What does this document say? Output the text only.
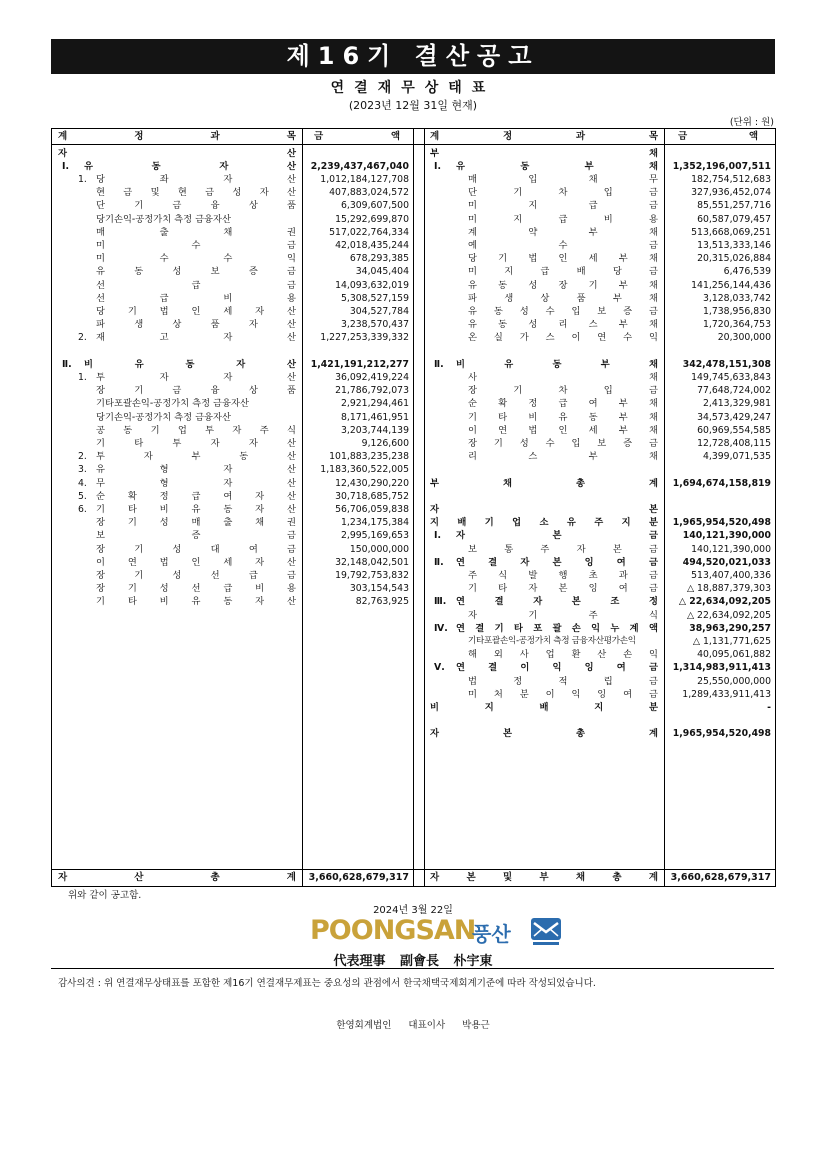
제16기 결산공고
연결재무상태표
(2023년 12월 31일 현재)
(단위 : 원)
계	정	과	목 금	액	계	정	과	목 금	액
자	산
Ⅰ. 유	동	자	산	2,239,437,467,040
1. 당	좌	자	산	1,012,184,127,708
현 금 및 현 금 성 자 산	407,883,024,572
단	기	금	융	상	품	6,309,607,500
당기손익-공정가치 측정 금융자산	15,292,699,870
매	출	채	권	517,022,764,334
미	수	금	42,018,435,244
미	수	수	익	678,293,385
유	동	성	보	증	금	34,045,404
선	급	금	14,093,632,019
선	급	비	용	5,308,527,159
당 기 법 인 세 자 산	304,527,784
파	생	상	품	자	산	3,238,570,437
2. 재	고	자	산	1,227,253,339,332
Ⅱ. 비	유	동	자	산	1,421,191,212,277
1. 투	자	자	산	36,092,419,224
장	기	금	융	상	품	21,786,792,073
기타포괄손익-공정가치 측정 금융자산	2,921,294,461
당기손익-공정가치 측정 금융자산	8,171,461,951
공 동 기 업 투 자 주 식	3,203,744,139
기	타	투	자	자	산	9,126,600
2. 투	자	부	동	산	101,883,235,238
3. 유	형	자	산	1,183,360,522,005
4. 무	형	자	산	12,430,290,220
5. 순 확 정 급 여 자 산	30,718,685,752
6. 기 타 비 유 동 자 산	56,706,059,838
장 기 성 매 출 채 권	1,234,175,384
보	증	금	2,995,169,653
장	기	성	대	여	금	150,000,000
이 연 법 인 세 자 산	32,148,042,501
장	기	성	선	급	금	19,792,753,832
장 기 성 선 급 비 용	303,154,543
기 타 비 유 동 자 산	82,763,925
부	채
Ⅰ. 유	동	부	채	1,352,196,007,511
매	입	채	무	182,754,512,683
단	기	차	입	금	327,936,452,074
미	지	급	금	85,551,257,716
미	지	급	비	용	60,587,079,457
계	약	부	채	513,668,069,251
예	수	금	13,513,333,146
당 기 법 인 세 부 채	20,315,026,884
미	지	급	배	당	금	6,476,539
유 동 성 장 기 부 채	141,256,144,436
파	생	상	품	부	채	3,128,033,742
유 동 성 수 입 보 증 금	1,738,956,830
유 동 성 리 스 부 채	1,720,364,753
온 실 가 스 이 연 수 익	20,300,000
Ⅱ. 비	유	동	부	채	342,478,151,308
사	채	149,745,633,843
장	기	차	입	금	77,648,724,002
순 확 정 급 여 부 채	2,413,329,981
기 타 비 유 동 부 채	34,573,429,247
이 연 법 인 세 부 채	60,969,554,585
장 기 성 수 입 보 증 금	12,728,408,115
리	스	부	채	4,399,071,535
부	채	총	계	1,694,674,158,819
자	본
지 배 기 업 소 유 주 지 분	1,965,954,520,498
Ⅰ. 자	본	금	140,121,390,000
보	통	주	자	본	금	140,121,390,000
Ⅱ. 연 결 자 본 잉 여 금	494,520,021,033
주 식 발 행 초 과 금	513,407,400,336
기 타 자 본 잉 여 금	△ 18,887,379,303
Ⅲ. 연	결	자	본	조	정	△ 22,634,092,205
자	기	주	식	△ 22,634,092,205
Ⅳ. 연 결 기 타 포 괄 손 익 누 계 액	38,963,290,257
기타포괄손익-공정가치 측정 금융자산평가손익	△ 1,131,771,625
해 외 사 업 환 산 손 익	40,095,061,882
Ⅴ. 연 결 이 익 잉 여 금	1,314,983,911,413
법	정	적	립	금	25,550,000,000
미 처 분 이 익 잉 여 금	1,289,433,911,413
비	지	배	지	분	-
자	본	총	계	1,965,954,520,498
자	산	총	계	3,660,628,679,317 자	본	및	부	채	총	계	3,660,628,679,317
위와 같이 공고함.
2024년 3월 22일
POONGSAN
풍산
代表理事 副會長 朴宇東
감사의견 : 위 연결재무상태표를 포함한 제16기 연결재무제표는 중요성의 관점에서 한국채택국제회계기준에 따라 작성되었습니다.
한영회계법인 대표이사 박용근
